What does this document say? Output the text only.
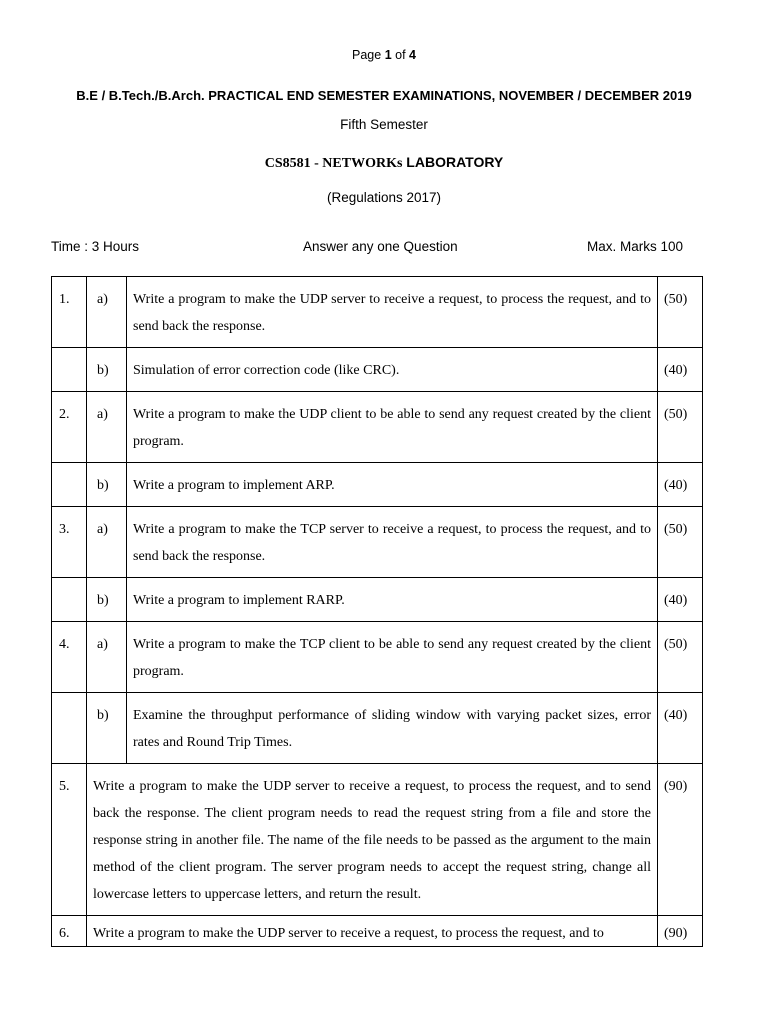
Page 1 of 4
B.E / B.Tech./B.Arch. PRACTICAL END SEMESTER EXAMINATIONS, NOVEMBER / DECEMBER 2019
Fifth Semester
CS8581 - NETWORKs LABORATORY
(Regulations 2017)
Time : 3 Hours	Answer any one Question	Max. Marks 100
1.	a)	Write a program to make the UDP server to receive a request, to process the request, and to send back the response.	(50)
	b)	Simulation of error correction code (like CRC).	(40)
2.	a)	Write a program to make the UDP client to be able to send any request created by the client program.	(50)
	b)	Write a program to implement ARP.	(40)
3.	a)	Write a program to make the TCP server to receive a request, to process the request, and to send back the response.	(50)
	b)	Write a program to implement RARP.	(40)
4.	a)	Write a program to make the TCP client to be able to send any request created by the client program.	(50)
	b)	Examine the throughput performance of sliding window with varying packet sizes, error rates and Round Trip Times.	(40)
5.	Write a program to make the UDP server to receive a request, to process the request, and to send back the response. The client program needs to read the request string from a file and store the response string in another file. The name of the file needs to be passed as the argument to the main method of the client program. The server program needs to accept the request string, change all lowercase letters to uppercase letters, and return the result.		(90)
6.	Write a program to make the UDP server to receive a request, to process the request, and to		(90)
